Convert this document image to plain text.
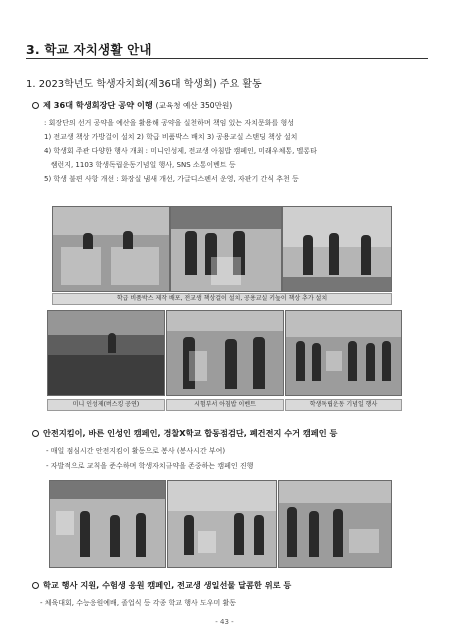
3. 학교 자치생활 안내
1. 2023학년도 학생자치회(제36대 학생회) 주요 활동
제 36대 학생회장단 공약 이행 (교육청 예산 350만원)
: 회장단의 선거 공약을 예산을 활용해 공약을 실천하며 책임 있는 자치문화를 형성
1) 전교생 책상 가방걸이 설치 2) 학급 비품박스 배치 3) 공용교실 스탠딩 책상 설치
4) 학생회 주관 다양한 행사 개최 : 미니인성제, 전교생 아침밥 캠페인, 미래우체통, 멜롱타
쌤런지, 1103 학생독립운동기념일 행사, SNS 소통이벤트 등
5) 학생 불편 사항 개선 : 화장실 냄새 개선, 가글디스펜서 운영, 자판기 간식 추천 등
학급 비품박스 제작 배포, 전교생 책상걸이 설치, 공용교실 키높이 책상 추가 설치
미니 인성제(버스킹 공연)	시험부서 아침밥 이벤트	학생독립운동 기념일 행사
안전지킴이, 바른 인성인 캠페인, 경찰X학교 합동점검단, 폐건전지 수거 캠페인 등
- 매일 점심시간 안전지킴이 활동으로 봉사 (봉사시간 부여)
- 자발적으로 교칙을 준수하며 학생자치규약을 존중하는 캠페인 진행
학교 행사 지원, 수험생 응원 캠페인, 전교생 생일선물 달콤한 위로 등
- 체육대회, 수능응원예배, 졸업식 등 각종 학교 행사 도우미 활동
- 43 -
